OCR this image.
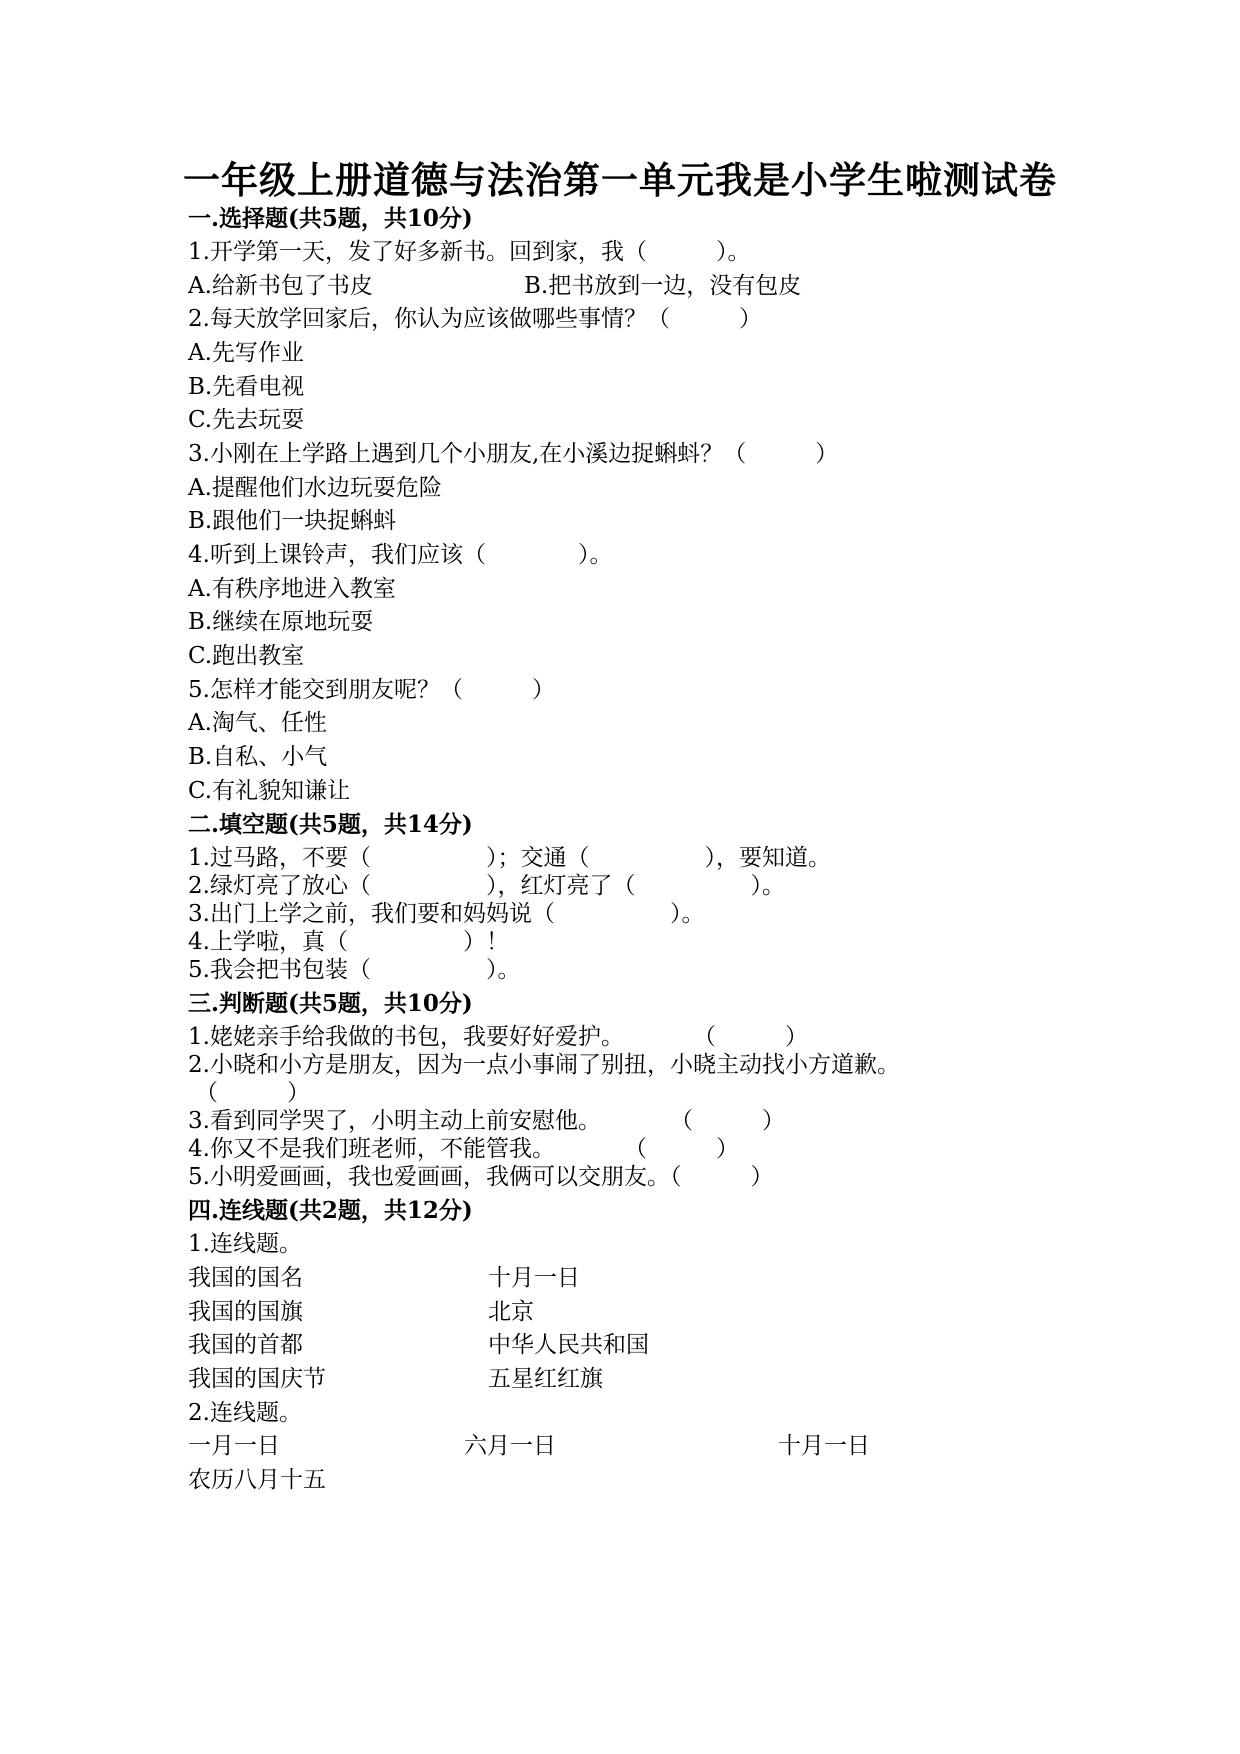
一年级上册道德与法治第一单元我是小学生啦测试卷
一.选择题(共5题，共10分)
1.开学第一天，发了好多新书。回到家，我（　　　）。
A.给新书包了书皮	B.把书放到一边，没有包皮
2.每天放学回家后，你认为应该做哪些事情？（　　　）
A.先写作业
B.先看电视
C.先去玩耍
3.小刚在上学路上遇到几个小朋友,在小溪边捉蝌蚪？（　　　）
A.提醒他们水边玩耍危险
B.跟他们一块捉蝌蚪
4.听到上课铃声，我们应该（　　　　）。
A.有秩序地进入教室
B.继续在原地玩耍
C.跑出教室
5.怎样才能交到朋友呢？（　　　）
A.淘气、任性
B.自私、小气
C.有礼貌知谦让
二.填空题(共5题，共14分)
1.过马路，不要（　　　　　）；交通（　　　　　），要知道。
2.绿灯亮了放心（　　　　　），红灯亮了（　　　　　）。
3.出门上学之前，我们要和妈妈说（　　　　　）。
4.上学啦，真（　　　　　）！
5.我会把书包装（　　　　　）。
三.判断题(共5题，共10分)
1.姥姥亲手给我做的书包，我要好好爱护。　　　　（　　　）
2.小晓和小方是朋友，因为一点小事闹了别扭，小晓主动找小方道歉。
（　　　）
3.看到同学哭了，小明主动上前安慰他。　　　　（　　　）
4.你又不是我们班老师，不能管我。　　　　（　　　）
5.小明爱画画，我也爱画画，我俩可以交朋友。（　　　）
四.连线题(共2题，共12分)
1.连线题。
我国的国名	十月一日
我国的国旗	北京
我国的首都	中华人民共和国
我国的国庆节	五星红红旗
2.连线题。
一月一日	六月一日	十月一日
农历八月十五
